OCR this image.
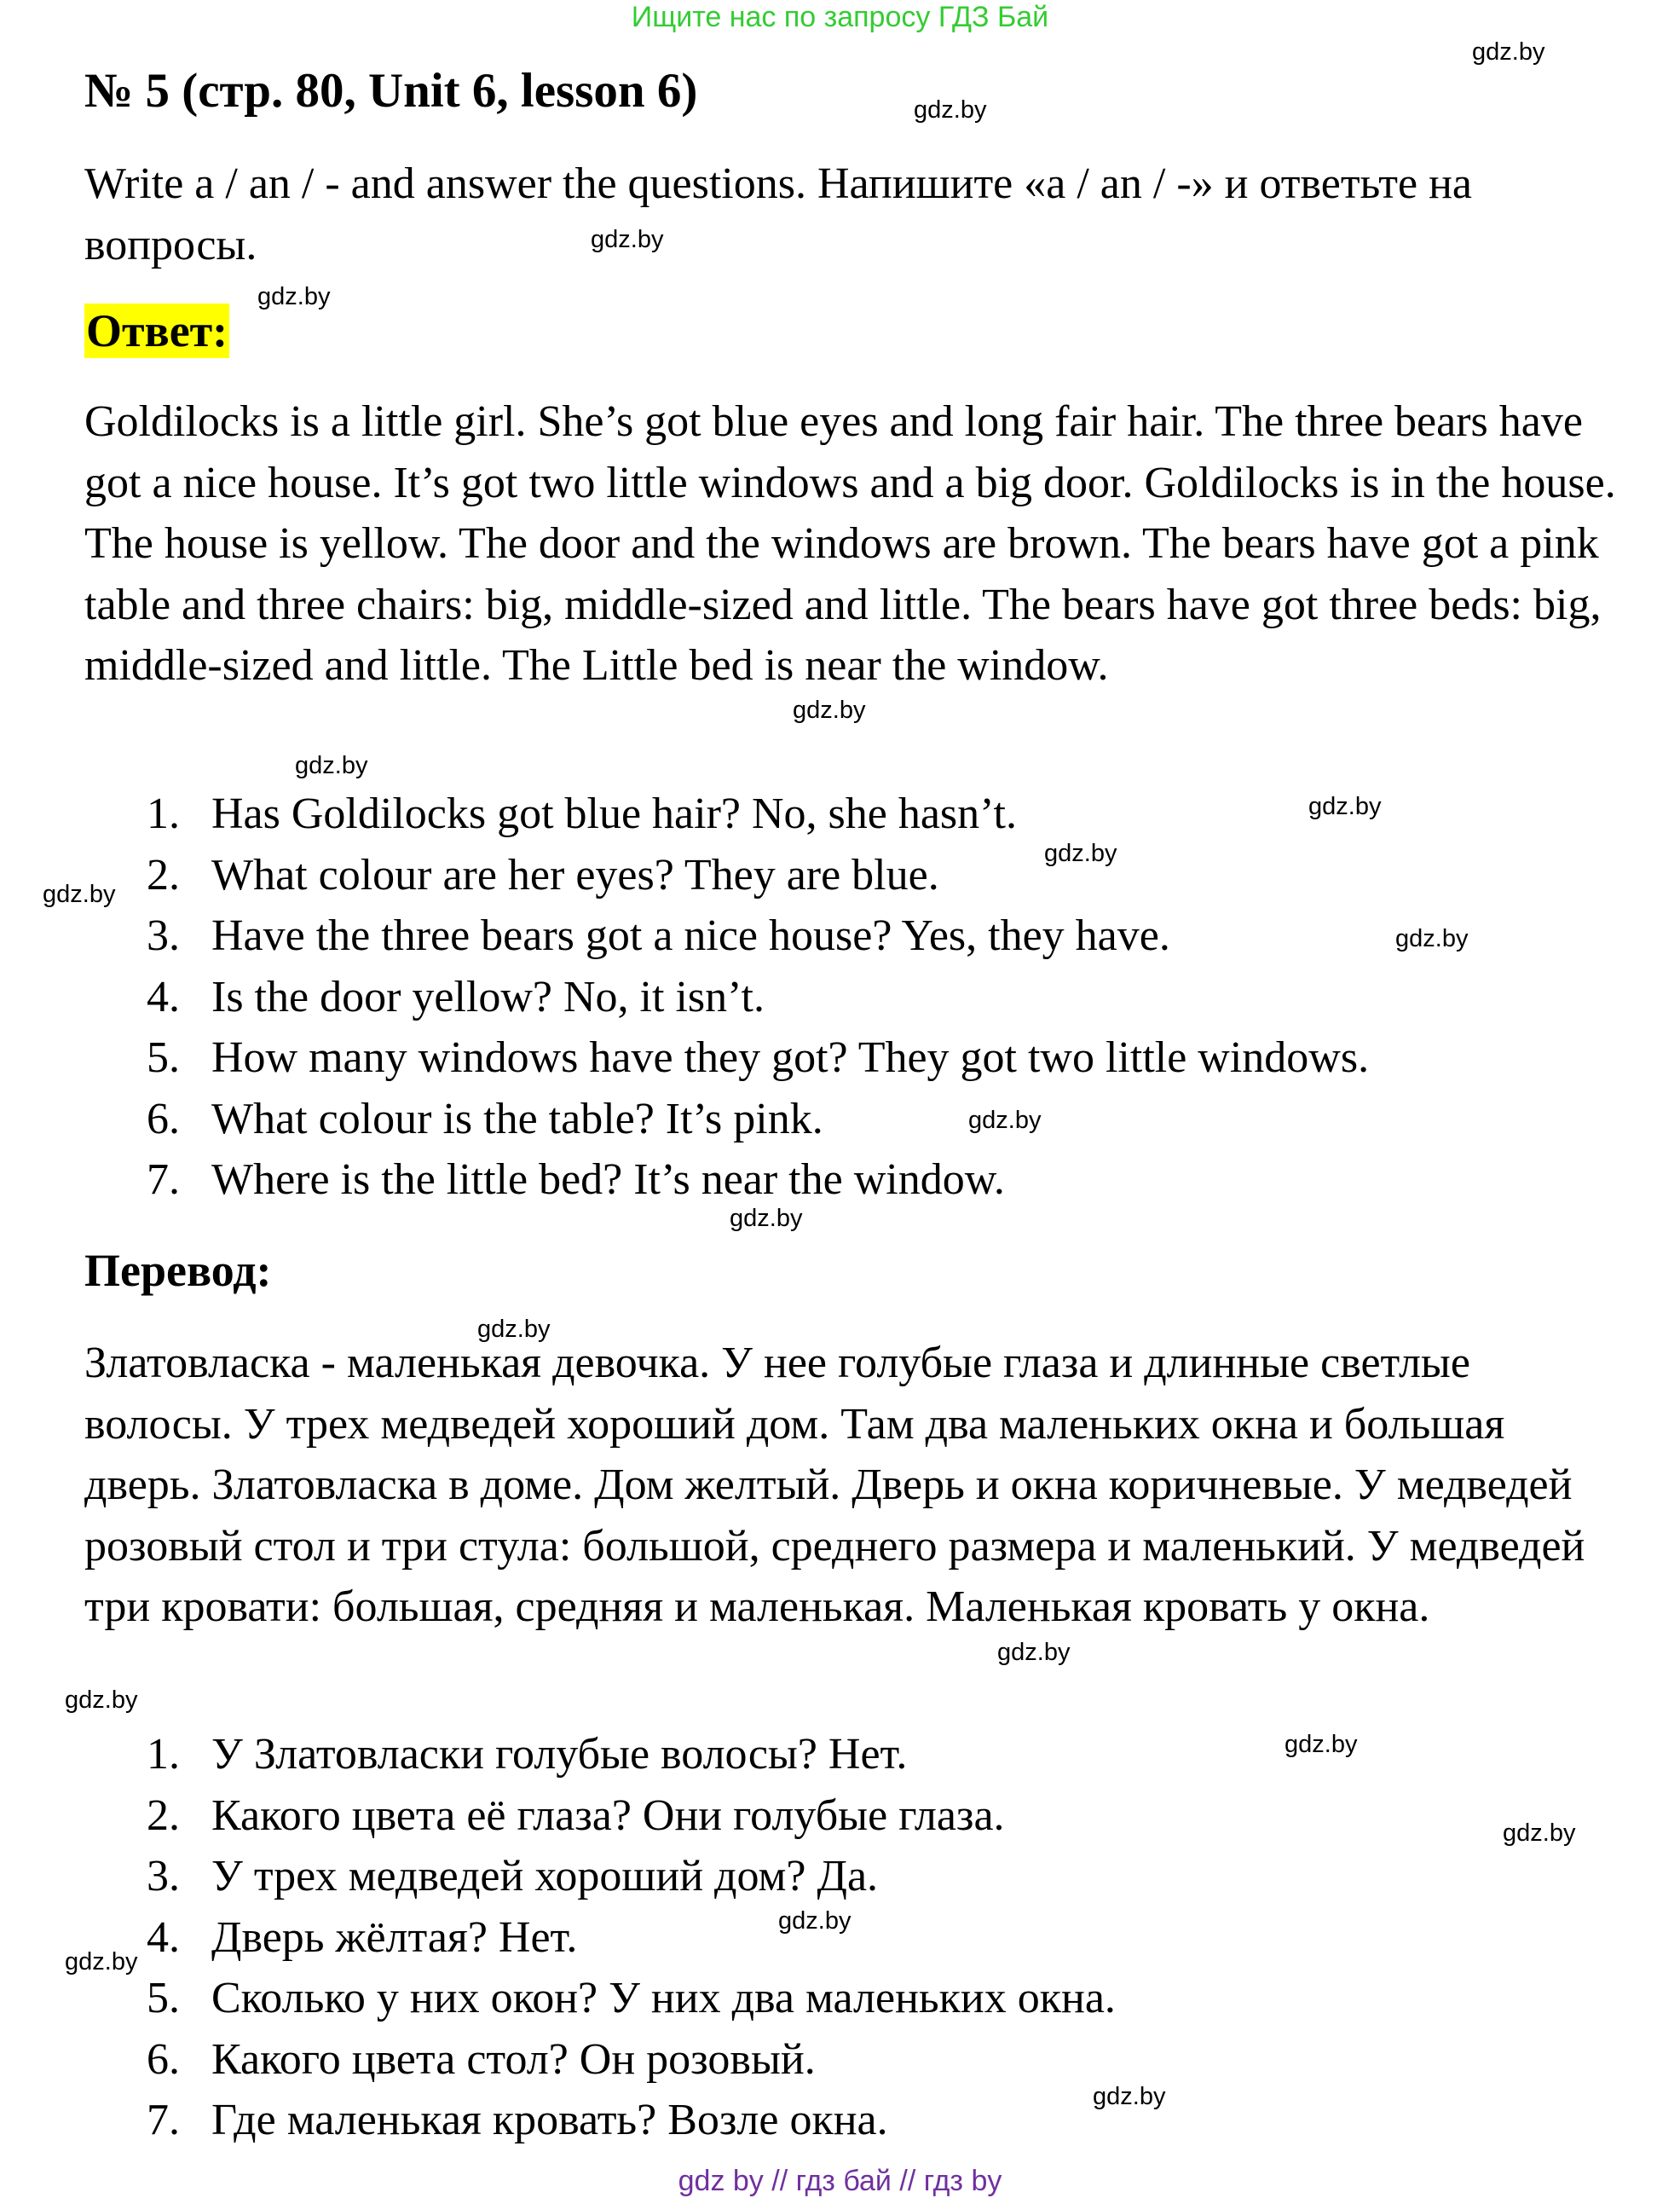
Ищите нас по запросу ГДЗ Бай
№ 5 (стр. 80, Unit 6, lesson 6)

Write a / an / - and answer the questions. Напишите «a / an / -» и ответьте на вопросы.

Ответ:

Goldilocks is a little girl. She’s got blue eyes and long fair hair. The three bears have got a nice house. It’s got two little windows and a big door. Goldilocks is in the house. The house is yellow. The door and the windows are brown. The bears have got a pink table and three chairs: big, middle-sized and little. The bears have got three beds: big, middle-sized and little. The Little bed is near the window.

1. Has Goldilocks got blue hair? No, she hasn’t.
2. What colour are her eyes? They are blue.
3. Have the three bears got a nice house? Yes, they have.
4. Is the door yellow? No, it isn’t.
5. How many windows have they got? They got two little windows.
6. What colour is the table? It’s pink.
7. Where is the little bed? It’s near the window.
Перевод:

Златовласка - маленькая девочка. У нее голубые глаза и длинные светлые волосы. У трех медведей хороший дом. Там два маленьких окна и большая дверь. Златовласка в доме. Дом желтый. Дверь и окна коричневые. У медведей розовый стол и три стула: большой, среднего размера и маленький. У медведей три кровати: большая, средняя и маленькая. Маленькая кровать у окна.

1. У Златовласки голубые волосы? Нет.
2. Какого цвета её глаза? Они голубые глаза.
3. У трех медведей хороший дом? Да.
4. Дверь жёлтая? Нет.
5. Сколько у них окон? У них два маленьких окна.
6. Какого цвета стол? Он розовый.
7. Где маленькая кровать? Возле окна.
gdz.by
gdz.by
gdz.by
gdz.by
gdz.by
gdz.by
gdz.by
gdz.by
gdz.by
gdz.by
gdz.by
gdz.by
gdz.by
gdz.by
gdz.by
gdz.by
gdz.by
gdz.by
gdz.by
gdz.by
gdz by // гдз бай // гдз by
